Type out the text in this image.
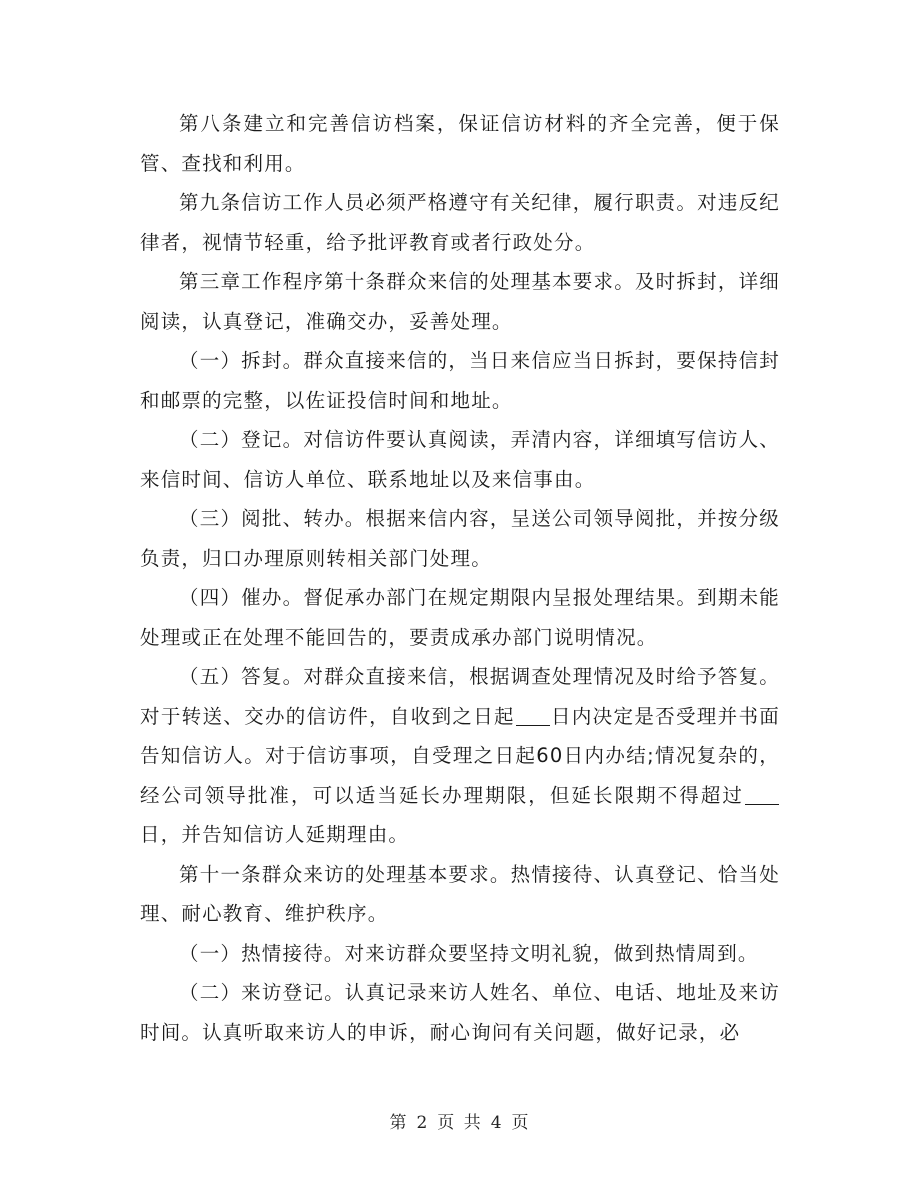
第八条建立和完善信访档案，保证信访材料的齐全完善，便于保管、查找和利用。

第九条信访工作人员必须严格遵守有关纪律，履行职责。对违反纪律者，视情节轻重，给予批评教育或者行政处分。

第三章工作程序第十条群众来信的处理基本要求。及时拆封，详细阅读，认真登记，准确交办，妥善处理。

（一）拆封。群众直接来信的，当日来信应当日拆封，要保持信封和邮票的完整，以佐证投信时间和地址。

（二）登记。对信访件要认真阅读，弄清内容，详细填写信访人、来信时间、信访人单位、联系地址以及来信事由。

（三）阅批、转办。根据来信内容，呈送公司领导阅批，并按分级负责，归口办理原则转相关部门处理。

（四）催办。督促承办部门在规定期限内呈报处理结果。到期未能处理或正在处理不能回告的，要责成承办部门说明情况。

（五）答复。对群众直接来信，根据调查处理情况及时给予答复。对于转送、交办的信访件，自收到之日起 日内决定是否受理并书面告知信访人。对于信访事项，自受理之日起60日内办结;情况复杂的，经公司领导批准，可以适当延长办理期限，但延长限期不得超过日，并告知信访人延期理由。

第十一条群众来访的处理基本要求。热情接待、认真登记、恰当处理、耐心教育、维护秩序。

（一）热情接待。对来访群众要坚持文明礼貌，做到热情周到。

（二）来访登记。认真记录来访人姓名、单位、电话、地址及来访时间。认真听取来访人的申诉，耐心询问有关问题，做好记录，必

第 2 页 共 4 页
